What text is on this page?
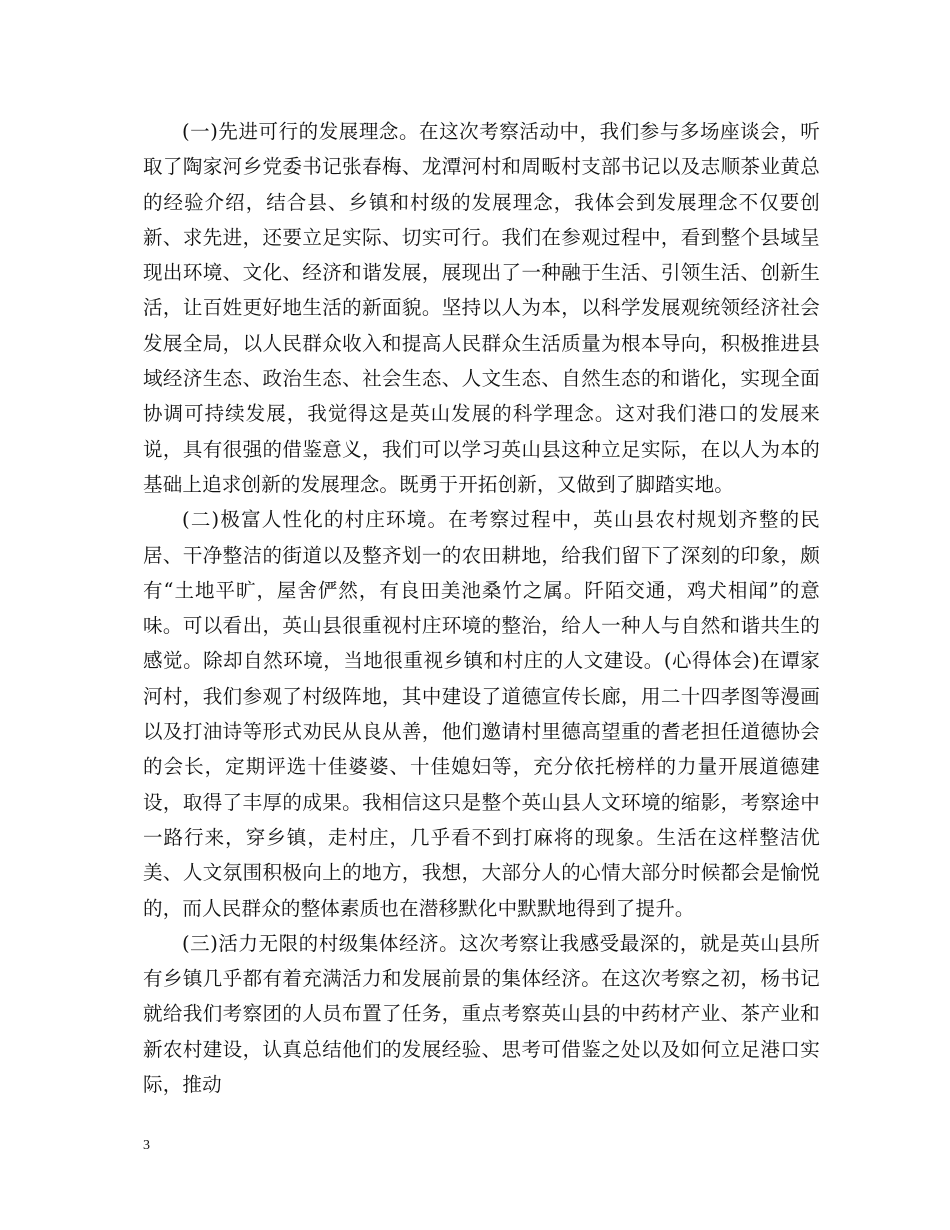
(一)先进可行的发展理念。在这次考察活动中，我们参与多场座谈会，听取了陶家河乡党委书记张春梅、龙潭河村和周畈村支部书记以及志顺茶业黄总的经验介绍，结合县、乡镇和村级的发展理念，我体会到发展理念不仅要创新、求先进，还要立足实际、切实可行。我们在参观过程中，看到整个县域呈现出环境、文化、经济和谐发展，展现出了一种融于生活、引领生活、创新生活，让百姓更好地生活的新面貌。坚持以人为本，以科学发展观统领经济社会发展全局，以人民群众收入和提高人民群众生活质量为根本导向，积极推进县域经济生态、政治生态、社会生态、人文生态、自然生态的和谐化，实现全面协调可持续发展，我觉得这是英山发展的科学理念。这对我们港口的发展来说，具有很强的借鉴意义，我们可以学习英山县这种立足实际，在以人为本的基础上追求创新的发展理念。既勇于开拓创新，又做到了脚踏实地。

(二)极富人性化的村庄环境。在考察过程中，英山县农村规划齐整的民居、干净整洁的街道以及整齐划一的农田耕地，给我们留下了深刻的印象，颇有“土地平旷，屋舍俨然，有良田美池桑竹之属。阡陌交通，鸡犬相闻”的意味。可以看出，英山县很重视村庄环境的整治，给人一种人与自然和谐共生的感觉。除却自然环境，当地很重视乡镇和村庄的人文建设。(心得体会)在谭家河村，我们参观了村级阵地，其中建设了道德宣传长廊，用二十四孝图等漫画以及打油诗等形式劝民从良从善，他们邀请村里德高望重的耆老担任道德协会的会长，定期评选十佳婆婆、十佳媳妇等，充分依托榜样的力量开展道德建设，取得了丰厚的成果。我相信这只是整个英山县人文环境的缩影，考察途中一路行来，穿乡镇，走村庄，几乎看不到打麻将的现象。生活在这样整洁优美、人文氛围积极向上的地方，我想，大部分人的心情大部分时候都会是愉悦的，而人民群众的整体素质也在潜移默化中默默地得到了提升。

(三)活力无限的村级集体经济。这次考察让我感受最深的，就是英山县所有乡镇几乎都有着充满活力和发展前景的集体经济。在这次考察之初，杨书记就给我们考察团的人员布置了任务，重点考察英山县的中药材产业、茶产业和新农村建设，认真总结他们的发展经验、思考可借鉴之处以及如何立足港口实际，推动

3
